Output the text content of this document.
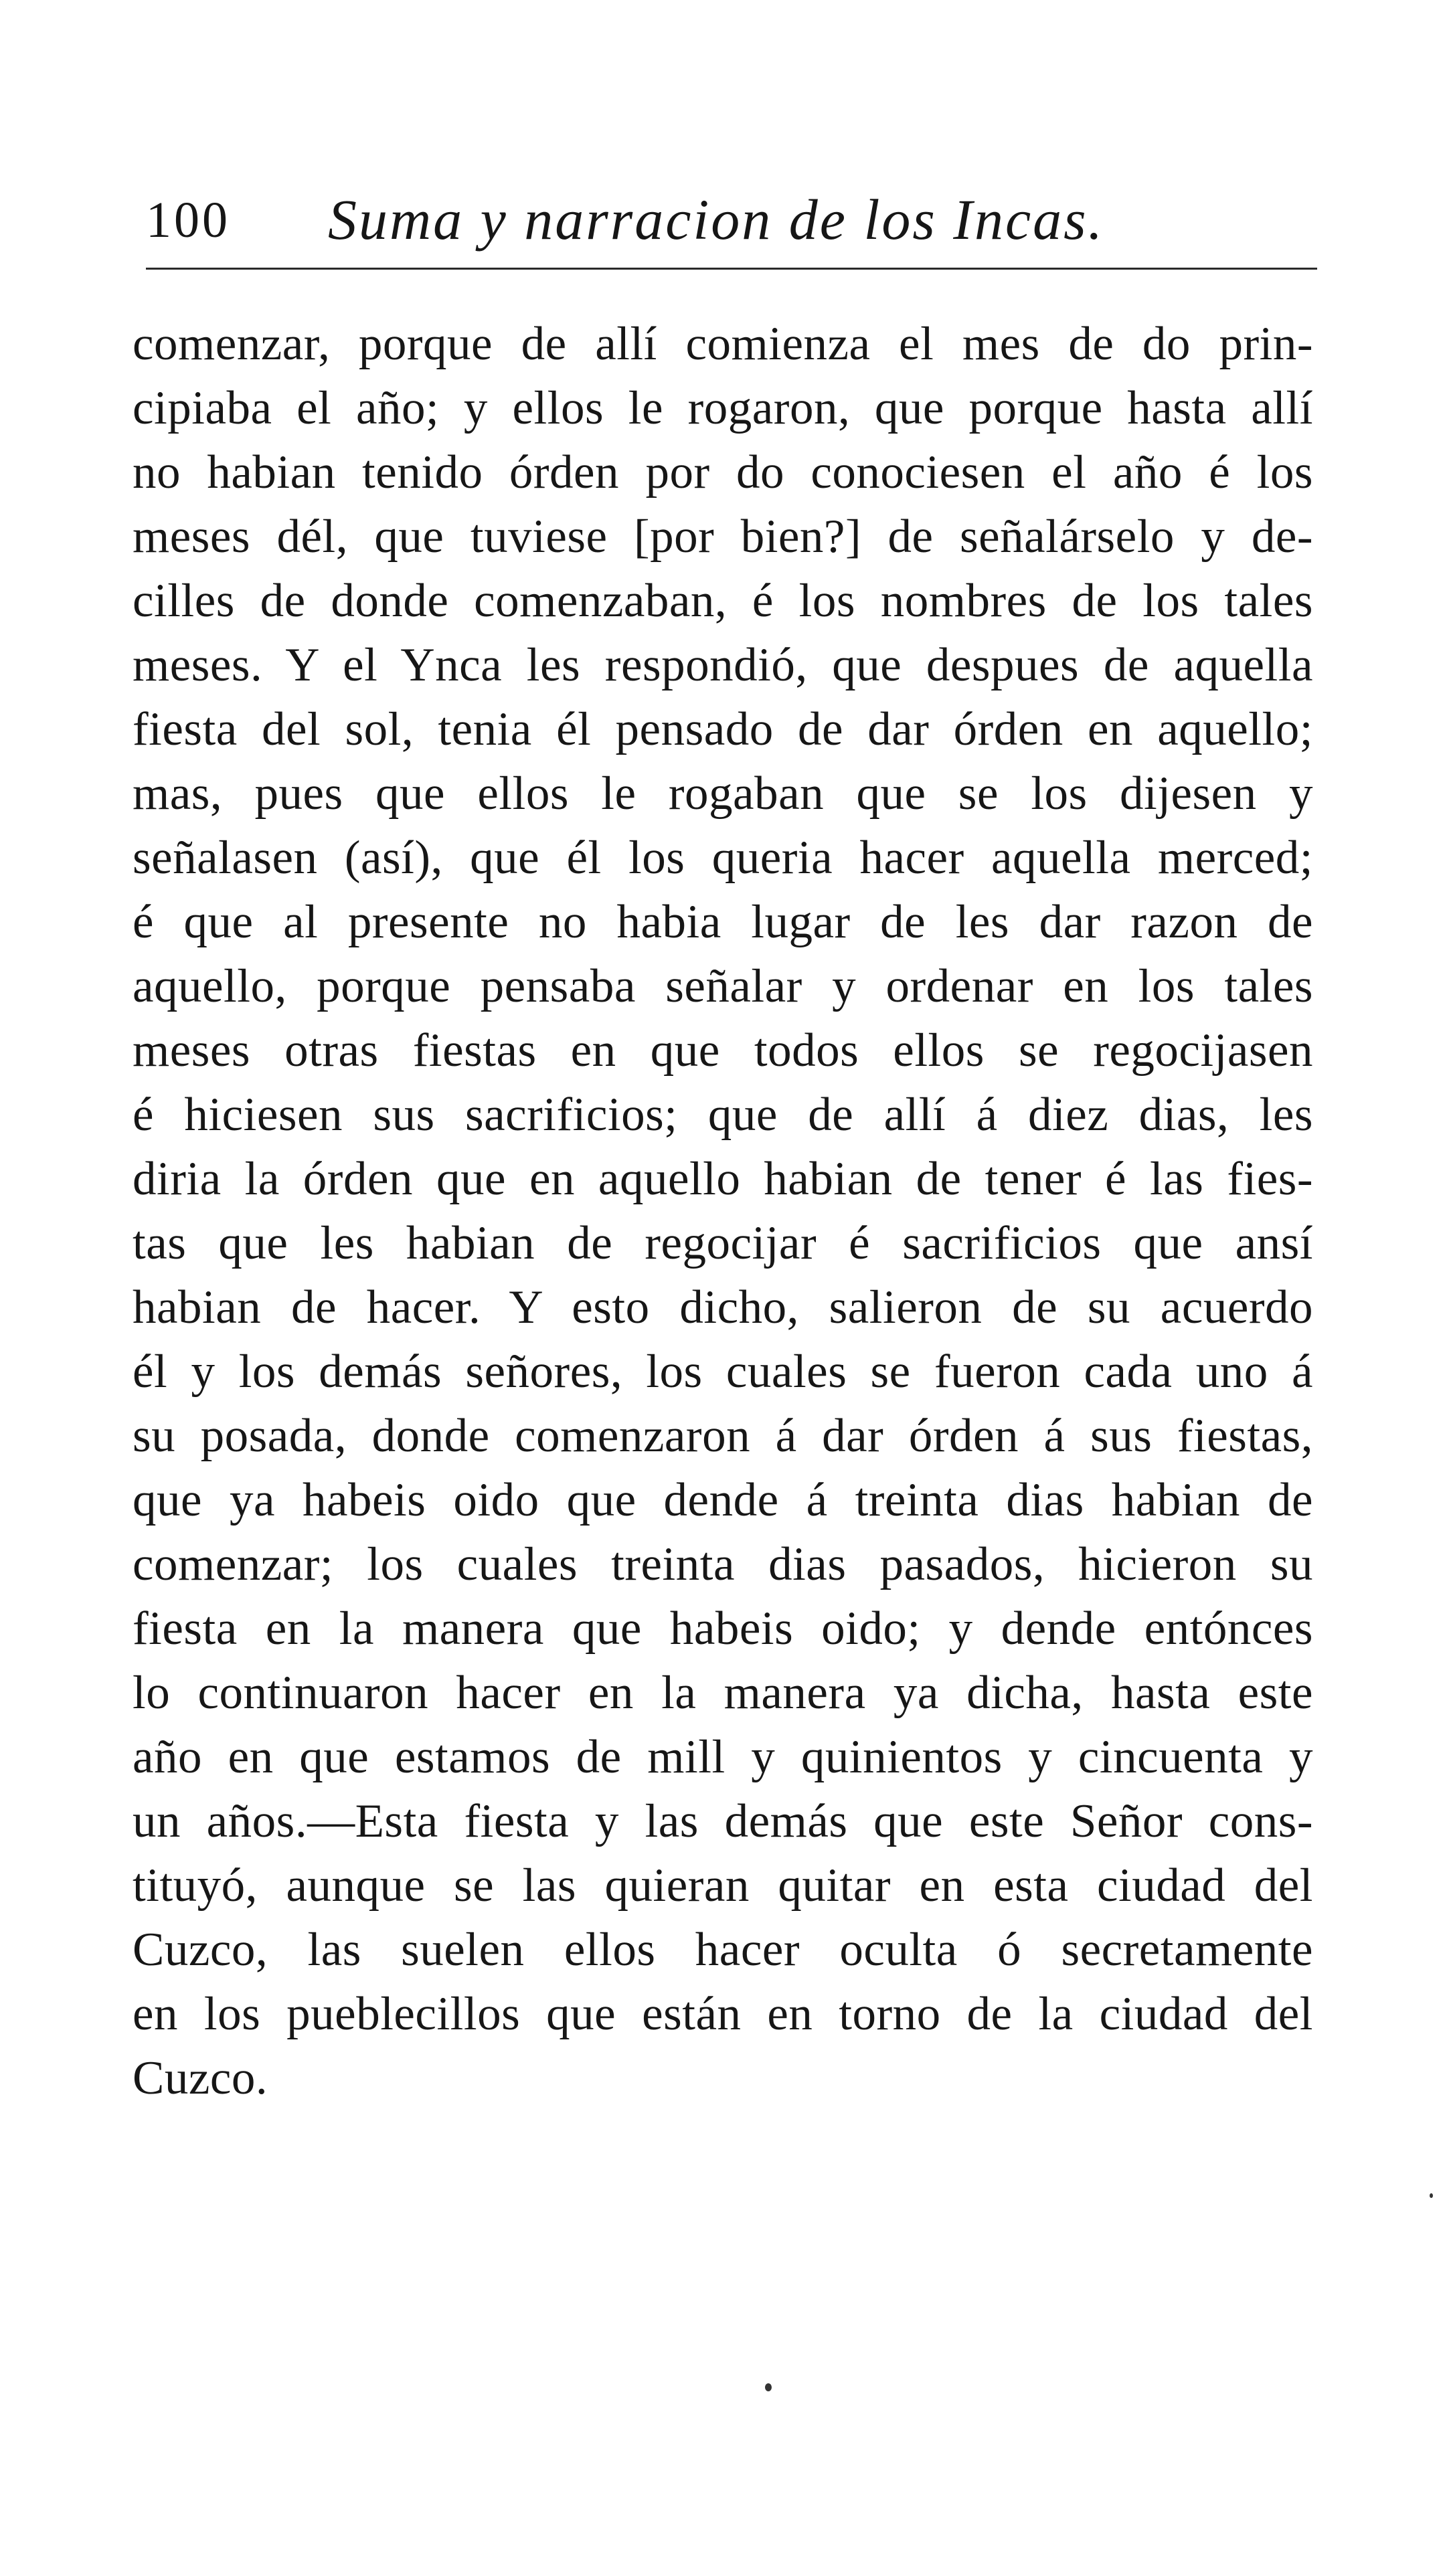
100 Suma y narracion de los Incas.
comenzar, porque de allí comienza el mes de do prin-
cipiaba el año; y ellos le rogaron, que porque hasta allí
no habian tenido órden por do conociesen el año é los
meses dél, que tuviese [por bien?] de señalárselo y de-
cilles de donde comenzaban, é los nombres de los tales
meses. Y el Ynca les respondió, que despues de aquella
fiesta del sol, tenia él pensado de dar órden en aquello;
mas, pues que ellos le rogaban que se los dijesen y
señalasen (así), que él los queria hacer aquella merced;
é que al presente no habia lugar de les dar razon de
aquello, porque pensaba señalar y ordenar en los tales
meses otras fiestas en que todos ellos se regocijasen
é hiciesen sus sacrificios; que de allí á diez dias, les
diria la órden que en aquello habian de tener é las fies-
tas que les habian de regocijar é sacrificios que ansí
habian de hacer. Y esto dicho, salieron de su acuerdo
él y los demás señores, los cuales se fueron cada uno á
su posada, donde comenzaron á dar órden á sus fiestas,
que ya habeis oido que dende á treinta dias habian de
comenzar; los cuales treinta dias pasados, hicieron su
fiesta en la manera que habeis oido; y dende entónces
lo continuaron hacer en la manera ya dicha, hasta este
año en que estamos de mill y quinientos y cincuenta y
un años.—Esta fiesta y las demás que este Señor cons-
tituyó, aunque se las quieran quitar en esta ciudad del
Cuzco, las suelen ellos hacer oculta ó secretamente
en los pueblecillos que están en torno de la ciudad del
Cuzco.
